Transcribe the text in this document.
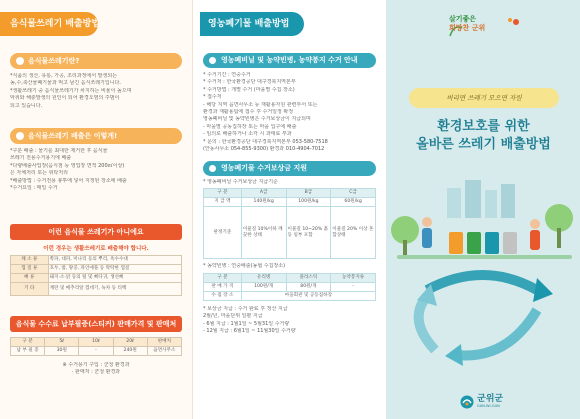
음식물쓰레기 배출방법
음식물쓰레기란?
*식품의 생산, 유통, 가공, 조리과정에서 발생되는
농,수,축산물폐기물과 먹고 남긴 음식쓰레기입니다.
*생활쓰레기 중 음식물쓰레기가 차지하는 비율이 높으며
악취와 해충발생의 원인이 되어 환경오염의 주범이
되고 있습니다.
음식물쓰레기 배출은 이렇게!
*구분 배출 : 물기를 최대한 제거한 후 음식물
쓰레기 전용수거용기에 배출
*다량배출사업장(음식점 등 영업장 면적 200㎡이상)
은 자체처리 또는 위탁처리
*배출방법 : 수거전용 봉투에 넣어 지정된 장소에 배출
*수거요일 : 매일 수거
이런 음식물 쓰레기가 아니에요
이런 경우는 생활쓰레기로 배출해야 합니다.
채 소 류	쪽파, 대파, 미나리 등의 뿌리, 옥수수대
껍 질 류	호두, 밤, 땅콩, 파인애플 등 딱딱한 껍질
뼈 류	돼지·소·닭 등의 털 및 뼈다귀, 생선뼈
기 타	계란 및 메추리알 껍데기, 녹차 등 티백
음식물 수수료 납부필증(스티커) 판매가격 및 판매처
구 분	5ℓ	10ℓ	20ℓ	판매처
납 부 필 증	30원	-	240원	읍면사무소
※ 수거용기 구입 : 군청 환경과
· 판매처 : 군청 환경과
영농폐기물 배출방법
영농폐비닐 및 농약빈병, 농약봉지 수거 안내
* 수거기간 : 연중수거
* 수거처 : 한국환경공단 대구경북지역본부
* 수거방법 : 개별 수거 (마을별 수집 장소)
* 접수처
- 해당 지역 읍면사무소 등 재활용자원 관련부서 또는
환경과 재활용팀에 접수 후 수거일정 확정
영농폐비닐 및 농약빈병은 수거보상금이 지급되며
- 마을별 공동집하장 또는 마을 입구에 배출
- 임의로 배출하거나 소각 시 과태료 부과
* 문의 : 한국환경공단 대구경북지역본부 053-580-7518
(안동사무소 054-855-9300) 환경과 010-4904-7012
영농폐기물 수거보상금 지원
* 영농폐비닐 수거보상금 지급기준
구 분	A급	B급	C급
지 급 액	140원/kg	100원/kg	60원/kg
판정기준	이물질 10%이하 깨끗한 상태	이물질 10~20% 흙 등 일부 포함	이물질 20% 이상 혼합상태
* 농약빈병 : 연중배출(농협 수집장소)
구 분	유리병	플라스틱	농약봉지류
판 매 가 격	100원/개	80원/개	-
수 집 장 소	마을회관 및 공동집하장		
* 보상금 지급 : 수거 완료 후 정산 지급
2월/년, 마을단위 일괄 지급
- 6월 지급 : 1월1일 ~ 5월31일 수거량
- 12월 지급 : 6월1일 ~ 11월30일 수거량
살기좋은
희망찬 군위
버리면 쓰레기 모으면 자원
환경보호를 위한
올바른 쓰레기 배출방법
군위군
GUN-WI-GUN
